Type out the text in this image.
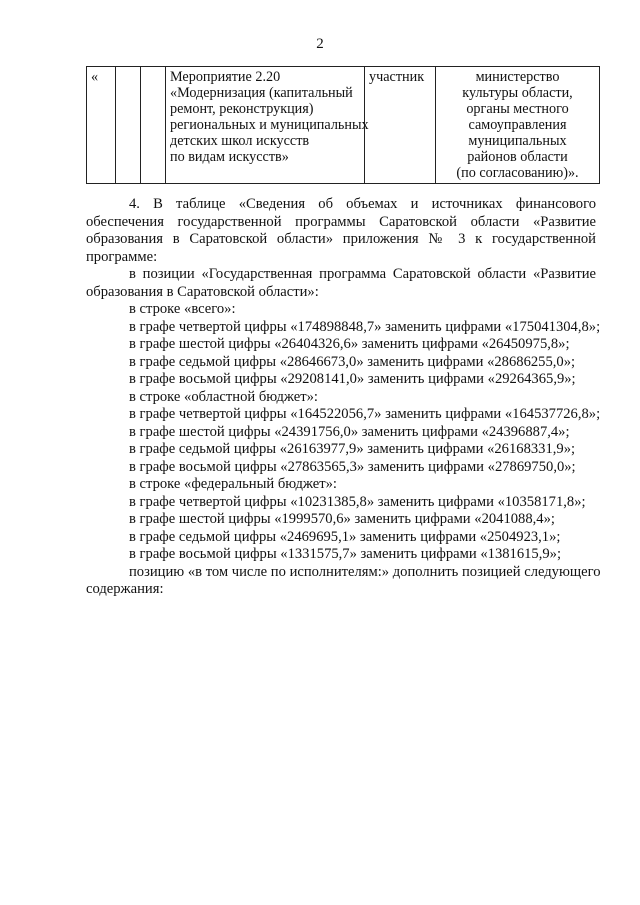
2
«			Мероприятие 2.20
«Модернизация (капитальный
ремонт, реконструкция)
региональных и муниципальных
детских школ искусств
по видам искусств»
	участник	министерство
культуры области,
органы местного
самоуправления
муниципальных
районов области
(по согласованию)».
4. В таблице «Сведения об объемах и источниках финансового
обеспечения государственной программы Саратовской области «Развитие
образования в Саратовской области» приложения № 3 к государственной
программе:
в позиции «Государственная программа Саратовской области «Развитие
образования в Саратовской области»:
в строке «всего»:
в графе четвертой цифры «174898848,7» заменить цифрами «175041304,8»;
в графе шестой цифры «26404326,6» заменить цифрами «26450975,8»;
в графе седьмой цифры «28646673,0» заменить цифрами «28686255,0»;
в графе восьмой цифры «29208141,0» заменить цифрами «29264365,9»;
в строке «областной бюджет»:
в графе четвертой цифры «164522056,7» заменить цифрами «164537726,8»;
в графе шестой цифры «24391756,0» заменить цифрами «24396887,4»;
в графе седьмой цифры «26163977,9» заменить цифрами «26168331,9»;
в графе восьмой цифры «27863565,3» заменить цифрами «27869750,0»;
в строке «федеральный бюджет»:
в графе четвертой цифры «10231385,8» заменить цифрами «10358171,8»;
в графе шестой цифры «1999570,6» заменить цифрами «2041088,4»;
в графе седьмой цифры «2469695,1» заменить цифрами «2504923,1»;
в графе восьмой цифры «1331575,7» заменить цифрами «1381615,9»;
позицию «в том числе по исполнителям:» дополнить позицией следующего
содержания:
